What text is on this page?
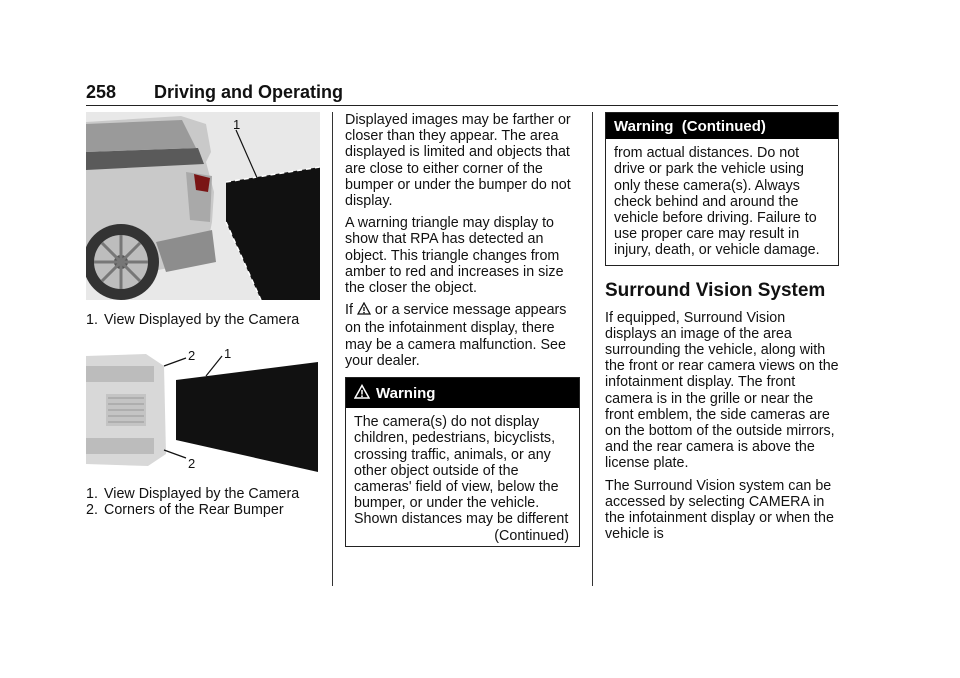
258 Driving and Operating
1
1. View Displayed by the Camera
2 1
2
1. View Displayed by the Camera
2. Corners of the Rear Bumper

Displayed images may be farther or closer than they appear. The area displayed is limited and objects that are close to either corner of the bumper or under the bumper do not display.

A warning triangle may display to show that RPA has detected an object. This triangle changes from amber to red and increases in size the closer the object.

If or a service message appears on the infotainment display, there may be a camera malfunction. See your dealer.

Warning
The camera(s) do not display children, pedestrians, bicyclists, crossing traffic, animals, or any other object outside of the cameras' field of view, below the bumper, or under the vehicle. Shown distances may be different
(Continued)
Warning  (Continued)
from actual distances. Do not drive or park the vehicle using only these camera(s). Always check behind and around the vehicle before driving. Failure to use proper care may result in injury, death, or vehicle damage.
Surround Vision System

If equipped, Surround Vision displays an image of the area surrounding the vehicle, along with the front or rear camera views on the infotainment display. The front camera is in the grille or near the front emblem, the side cameras are on the bottom of the outside mirrors, and the rear camera is above the license plate.

The Surround Vision system can be accessed by selecting CAMERA in the infotainment display or when the vehicle is
